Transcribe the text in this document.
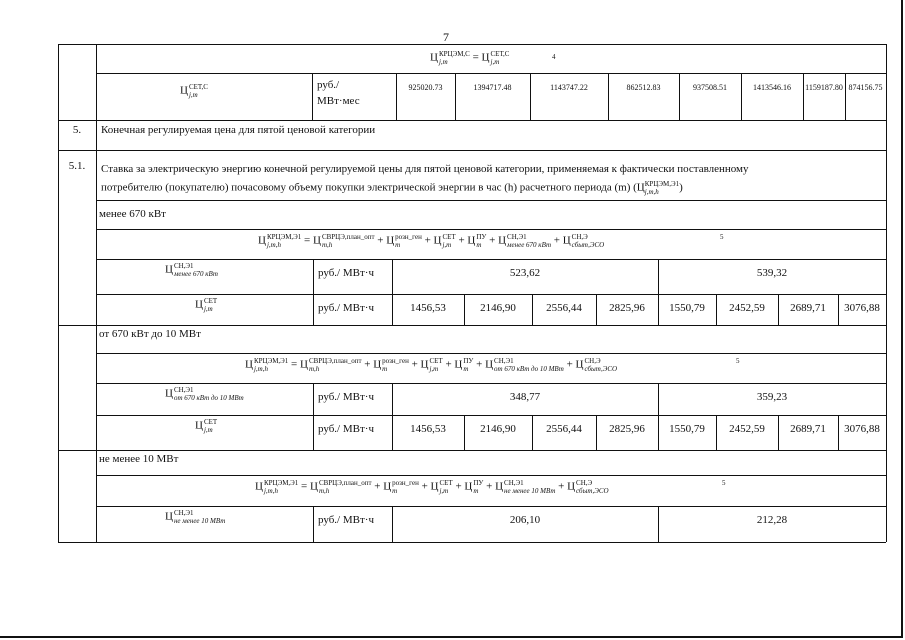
7
Ц КРЦЭМ,С
j,m	= Ц СЕТ,С
j,m
4
Ц СЕТ,С
j,m
руб./
МВт·мес
925020.73	1394717.48	1143747.22	862512.83	937508.51	1413546.16	1159187.80 874156.75
5.	Конечная регулируемая цена для пятой ценовой категории
5.1.	Ставка за электрическую энергию конечной регулируемой цены для пятой ценовой категории, применяемая к фактически поставленному
потребителю (покупателю) почасовому объему покупки электрической энергии в час (h) расчетного периода (m) (Ц КРЦЭМ,Э1
j,m,h	)
менее 670 кВт
Ц КРЦЭМ,Э1
j,m,h	= Ц СВРЦЭ,план_опт
m,h	+ Ц розн_ген
m	+ Ц СЕТ
j,m + Ц ПУ
m + Ц СН,Э1
менее 670 кВт + Ц СН,Э
сбыт,ЭСО
5
Ц СН,Э1
менее 670 кВт	руб./ МВт·ч	523,62	539,32
Ц СЕТ
j,m	руб./ МВт·ч	1456,53	2146,90	2556,44	2825,96	1550,79	2452,59	2689,71	3076,88
от 670 кВт до 10 МВт
Ц КРЦЭМ,Э1
j,m,h	= Ц СВРЦЭ,план_опт
m,h	+ Ц розн_ген
m	+ Ц СЕТ
j,m + Ц ПУ
m + Ц СН,Э1
от 670 кВт до 10 МВт + Ц СН,Э
сбыт,ЭСО
5
Ц СН,Э1
от 670 кВт до 10 МВт	руб./ МВт·ч	348,77	359,23
Ц СЕТ
j,m	руб./ МВт·ч	1456,53	2146,90	2556,44	2825,96	1550,79	2452,59	2689,71	3076,88
не менее 10 МВт
Ц КРЦЭМ,Э1
j,m,h	= Ц СВРЦЭ,план_опт
m,h	+ Ц розн_ген
m	+ Ц СЕТ
j,m + Ц ПУ
m + Ц СН,Э1
не менее 10 МВт + Ц СН,Э
сбыт,ЭСО
5
Ц СН,Э1
не менее 10 МВт	руб./ МВт·ч	206,10	212,28
